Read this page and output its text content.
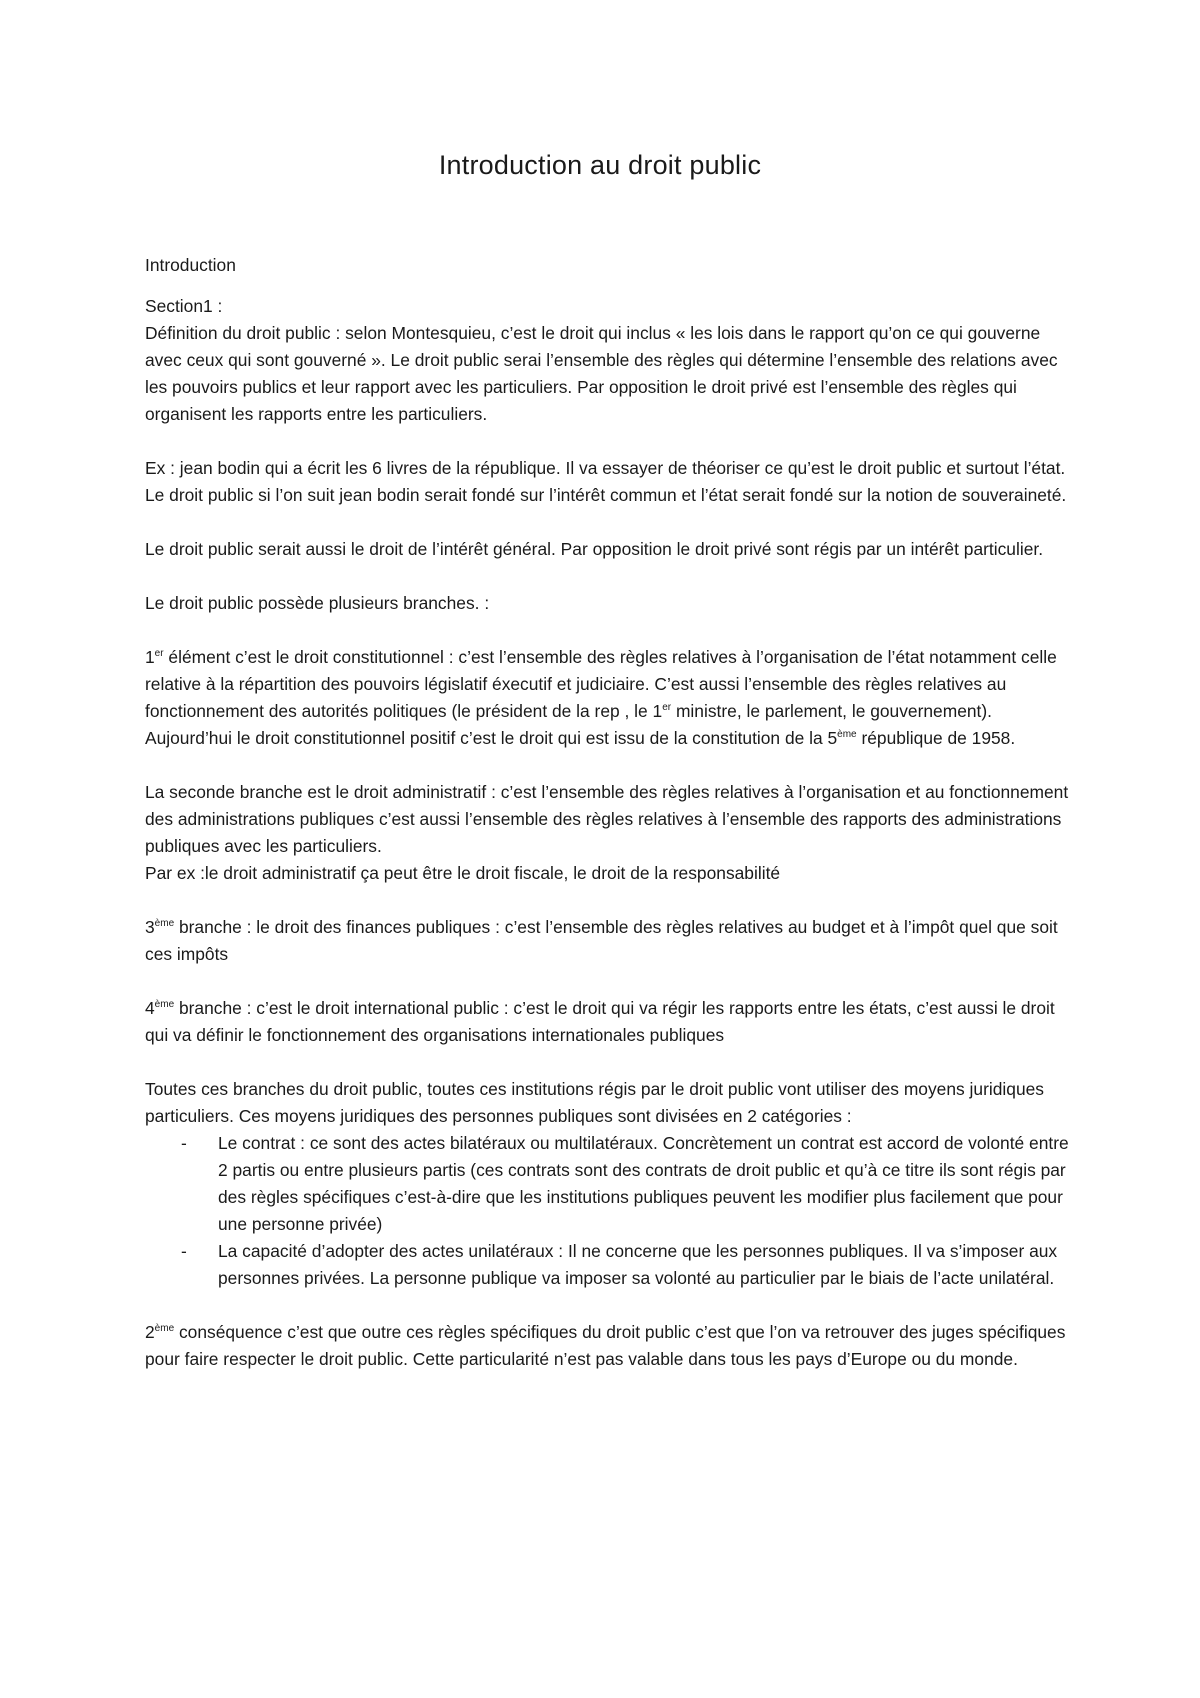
Introduction au droit public

Introduction

Section1 :

Définition du droit public : selon Montesquieu, c’est le droit qui inclus « les lois dans le rapport qu’on ce qui gouverne avec ceux qui sont gouverné ». Le droit public serai l’ensemble des règles qui détermine l’ensemble des relations avec les pouvoirs publics et leur rapport avec les particuliers. Par opposition le droit privé est l’ensemble des règles qui organisent les rapports entre les particuliers.

Ex : jean bodin qui a écrit les 6 livres de la république. Il va essayer de théoriser ce qu’est le droit public et surtout l’état. Le droit public si l’on suit jean bodin serait fondé sur l’intérêt commun et l’état serait fondé sur la notion de souveraineté.

Le droit public serait aussi le droit de l’intérêt général. Par opposition le droit privé sont régis par un intérêt particulier.

Le droit public possède plusieurs branches. :

1er élément c’est le droit constitutionnel : c’est l’ensemble des règles relatives à l’organisation de l’état notamment celle relative à la répartition des pouvoirs législatif éxecutif et judiciaire. C’est aussi l’ensemble des règles relatives au fonctionnement des autorités politiques (le président de la rep , le 1er ministre, le parlement, le gouvernement). Aujourd’hui le droit constitutionnel positif c’est le droit qui est issu de la constitution de la 5ème république de 1958.

La seconde branche est le droit administratif : c’est l’ensemble des règles relatives à l’organisation et au fonctionnement des administrations publiques c’est aussi l’ensemble des règles relatives à l’ensemble des rapports des administrations publiques avec les particuliers.

Par ex :le droit administratif ça peut être le droit fiscale, le droit de la responsabilité

3ème branche : le droit des finances publiques : c’est l’ensemble des règles relatives au budget et à l’impôt quel que soit ces impôts

4ème branche : c’est le droit international public : c’est le droit qui va régir les rapports entre les états, c’est aussi le droit qui va définir le fonctionnement des organisations internationales publiques

Toutes ces branches du droit public, toutes ces institutions régis par le droit public vont utiliser des moyens juridiques particuliers. Ces moyens juridiques des personnes publiques sont divisées en 2 catégories :

- Le contrat : ce sont des actes bilatéraux ou multilatéraux. Concrètement un contrat est accord de volonté entre 2 partis ou entre plusieurs partis (ces contrats sont des contrats de droit public et qu’à ce titre ils sont régis par des règles spécifiques c’est-à-dire que les institutions publiques peuvent les modifier plus facilement que pour une personne privée)
- La capacité d’adopter des actes unilatéraux : Il ne concerne que les personnes publiques. Il va s’imposer aux personnes privées. La personne publique va imposer sa volonté au particulier par le biais de l’acte unilatéral.

2ème conséquence c’est que outre ces règles spécifiques du droit public c’est que l’on va retrouver des juges spécifiques pour faire respecter le droit public. Cette particularité n’est pas valable dans tous les pays d’Europe ou du monde.
